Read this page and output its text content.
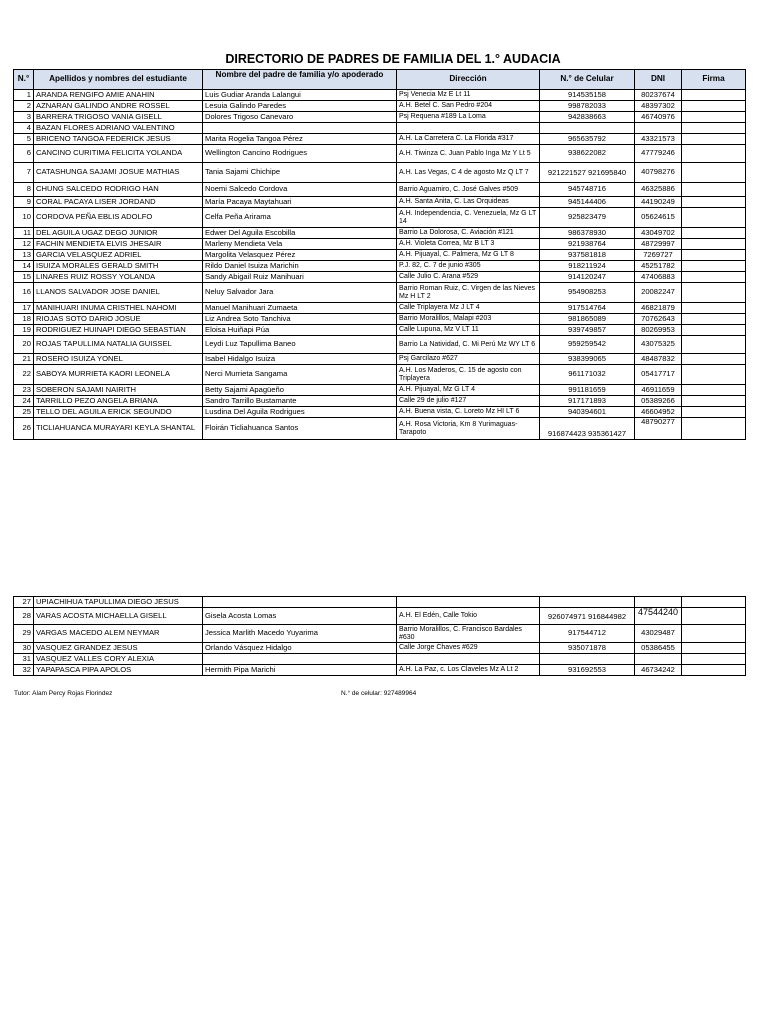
DIRECTORIO DE PADRES DE FAMILIA DEL 1.° AUDACIA
N.°	Apellidos y nombres del estudiante	Nombre del padre de familia y/o apoderado	Dirección	N.° de Celular	DNI	Firma
1	ARANDA RENGIFO AMIE ANAHIN	Luis Gudiar Aranda Lalangui	Psj Venecia Mz E Lt 11	914535158	80237674	
2	AZNARAN GALINDO ANDRE ROSSEL	Lesuia Galindo Paredes	A.H. Betel C. San Pedro #204	998782033	48397302	
3	BARRERA TRIGOSO VANIA GISELL	Dolores Trigoso Canevaro	Psj Requena #189 La Loma	942838663	46740976	
4	BAZAN FLORES ADRIANO VALENTINO					
5	BRICENO TANGOA FEDERICK JESUS	Marita Rogelia Tangoa Pérez	A.H. La Carretera C. La Florida #317	965635792	43321573	
6	CANCINO CURITIMA FELICITA YOLANDA	Wellington Cancino Rodrigues	A.H. Tiwinza C. Juan Pablo Inga Mz Y Lt 5	938622082	47779246	
7	CATASHUNGA SAJAMI JOSUE MATHIAS	Tania Sajami Chichipe	A.H. Las Vegas, C 4 de agosto Mz Q LT 7	921221527 921695840	40798276	
8	CHUNG SALCEDO RODRIGO HAN	Noemi Salcedo Cordova	Barrio Aguamiro, C. José Galves #509	945748716	46325886	
9	CORAL PACAYA LISER JORDAND	María Pacaya Maytahuari	A.H. Santa Anita, C. Las Orquideas	945144406	44190249	
10	CORDOVA PEÑA EBLIS ADOLFO	Celfa Peña Arirama	A.H. Independencia, C. Venezuela, Mz G LT 14	925823479	05624615	
11	DEL AGUILA UGAZ DEGO JUNIOR	Edwer Del Aguila Escobilla	Barrio La Dolorosa, C. Aviación #121	986378930	43049702	
12	FACHIN MENDIETA ELVIS JHESAIR	Marleny Mendieta Vela	A.H. Violeta Correa, Mz B LT 3	921938764	48729997	
13	GARCIA VELASQUEZ ADRIEL	Margolita Velasquez Pérez	A.H. Pijuayal, C. Palmera, Mz G LT 8	937581818	7269727	
14	ISUIZA MORALES GERALD SMITH	Rildo Daniel Isuiza Marichin	P.J. 82, C. 7 de junio #305	918211924	45251782	
15	LINARES RUIZ ROSSY YOLANDA	Sandy Abigail Ruiz Manihuari	Calle Julio C. Arana #529	914120247	47406883	
16	LLANOS SALVADOR JOSE DANIEL	Neluy Salvador Jara	Barrio Roman Ruiz, C. Virgen de las Nieves Mz H LT 2	954908253	20082247	
17	MANIHUARI INUMA CRISTHEL NAHOMI	Manuel Manihuari Zumaeta	Calle Triplayera Mz J LT 4	917514764	46821879	
18	RIOJAS SOTO DARIO JOSUE	Liz Andrea Soto Tanchiva	Barrio Moralillos, Malapi #203	981865089	70762643	
19	RODRIGUEZ HUINAPI DIEGO SEBASTIAN	Eloisa Huiñapi Púa	Calle Lupuna, Mz V LT 11	939749857	80269953	
20	ROJAS TAPULLIMA NATALIA GUISSEL	Leydi Luz Tapullima Baneo	Barrio La Natividad, C. Mi Perú Mz WY LT 6	959259542	43075325	
21	ROSERO ISUIZA YONEL	Isabel Hidalgo Isuiza	Psj Garcilazo #627	938399065	48487832	
22	SABOYA MURRIETA KAORI LEONELA	Nerci Murrieta Sangama	A.H. Los Maderos, C. 15 de agosto con Triplayera	961171032	05417717	
23	SOBERON SAJAMI NAIRITH	Betty Sajami Apagüeño	A.H. Pijuayal, Mz G LT 4	991181659	46911659	
24	TARRILLO PEZO ANGELA BRIANA	Sandro Tarrillo Bustamante	Calle 29 de julio #127	917171893	05389266	
25	TELLO DEL AGUILA ERICK SEGUNDO	Lusdina Del Aguila Rodrigues	A.H. Buena vista, C. Loreto Mz HI LT 6	940394601	46604952	
26	TICLIAHUANCA MURAYARI KEYLA SHANTAL	Floirán Ticliahuanca Santos	A.H. Rosa Victoria, Km 8 Yurimaguas-Tarapoto	916874423 935361427	48790277	
27	UPIACHIHUA TAPULLIMA DIEGO JESUS					
28	VARAS ACOSTA MICHAELLA GISELL	Gisela Acosta Lomas	A.H. El Edén, Calle Tokio	926074971 916844982	47544240	
29	VARGAS MACEDO ALEM NEYMAR	Jessica Marlith Macedo Yuyarima	Barrio Moralillos, C. Francisco Bardales #630	917544712	43029487	
30	VASQUEZ GRANDEZ JESUS	Orlando Vásquez Hidalgo	Calle Jorge Chaves #629	935071878	05386455	
31	VASQUEZ VALLES CORY ALEXIA					
32	YAPAPASCA PIPA APOLOS	Hermith Pipa Marichi	A.H. La Paz, c. Los Claveles Mz A Lt 2	931692553	46734242	
Tutor: Alam Percy Rojas Florindez	N.° de celular: 927489964
